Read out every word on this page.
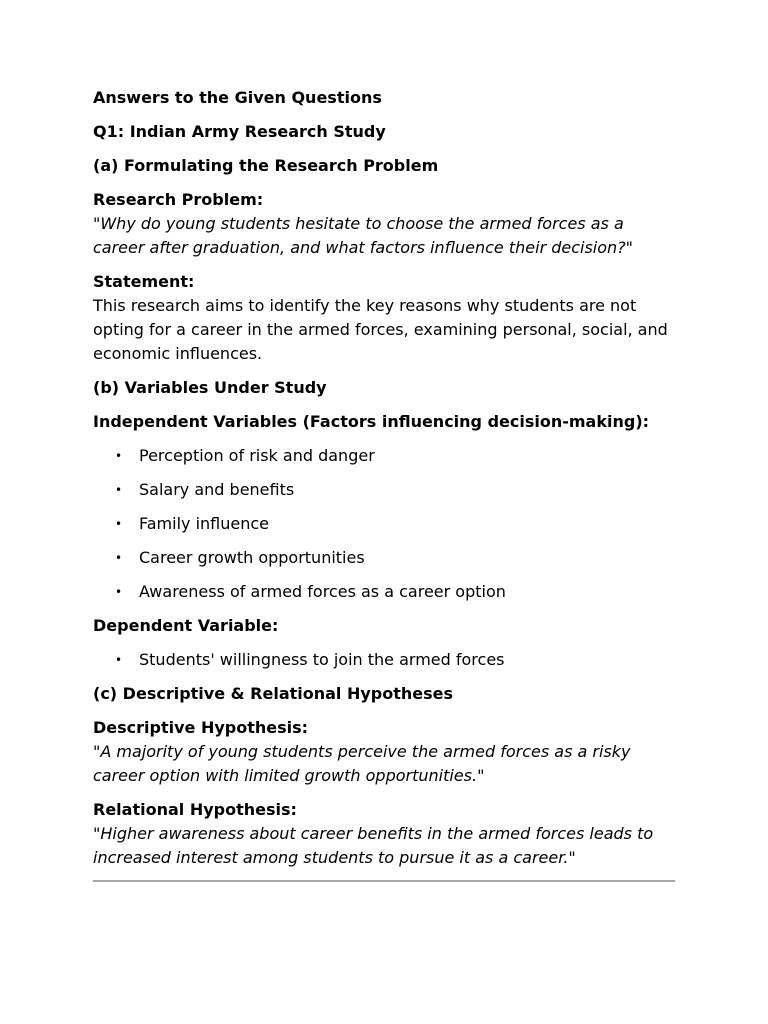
Answers to the Given Questions

Q1: Indian Army Research Study

(a) Formulating the Research Problem

Research Problem:

"Why do young students hesitate to choose the armed forces as a career after graduation, and what factors influence their decision?"

Statement:

This research aims to identify the key reasons why students are not opting for a career in the armed forces, examining personal, social, and economic influences.

(b) Variables Under Study

Independent Variables (Factors influencing decision-making):

• Perception of risk and danger
• Salary and benefits
• Family influence
• Career growth opportunities
• Awareness of armed forces as a career option

Dependent Variable:

• Students' willingness to join the armed forces

(c) Descriptive & Relational Hypotheses

Descriptive Hypothesis:

"A majority of young students perceive the armed forces as a risky career option with limited growth opportunities."

Relational Hypothesis:

"Higher awareness about career benefits in the armed forces leads to increased interest among students to pursue it as a career."
